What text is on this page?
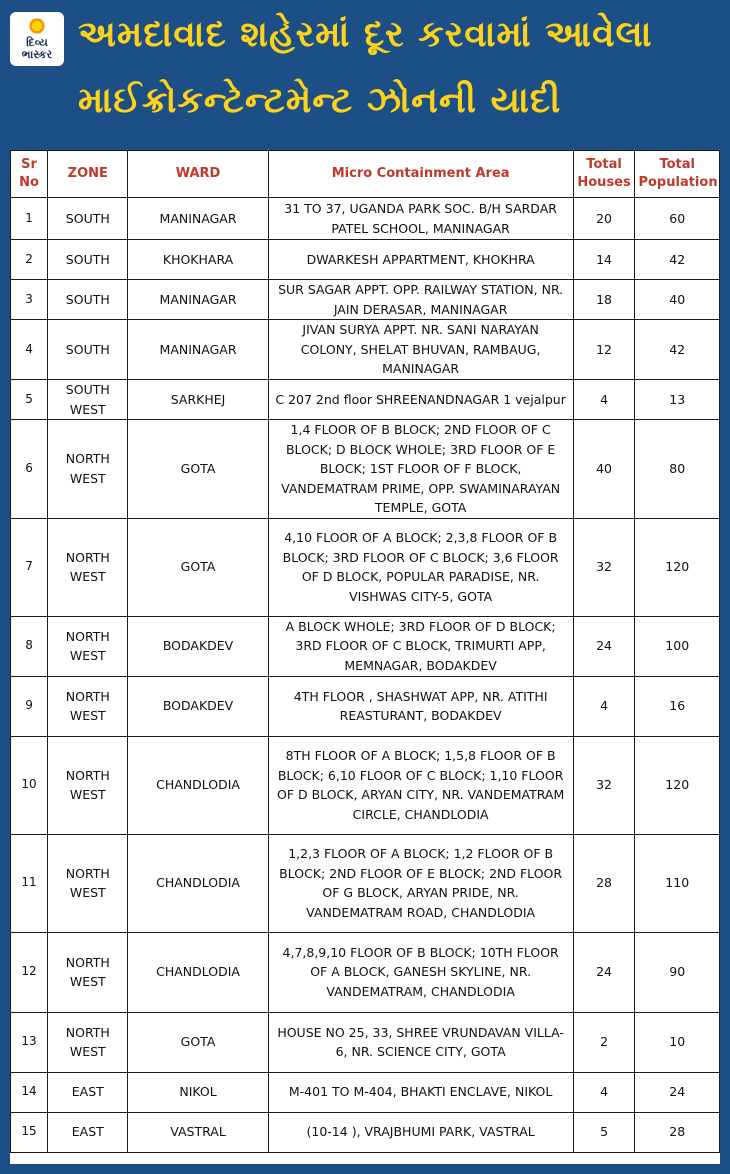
દિવ્ય
ભાસ્કર અમદાવાદ શહેરમાં દૂર કરવામાં આવેલા
માઈક્રોકન્ટેન્ટમેન્ટ ઝોનની યાદી
Sr No	ZONE	WARD	Micro Containment Area	Total Houses	Total Population
1	SOUTH	MANINAGAR	31 TO 37, UGANDA PARK SOC. B/H SARDAR PATEL SCHOOL, MANINAGAR	20	60
2	SOUTH	KHOKHARA	DWARKESH APPARTMENT, KHOKHRA	14	42
3	SOUTH	MANINAGAR	SUR SAGAR APPT. OPP. RAILWAY STATION, NR. JAIN DERASAR, MANINAGAR	18	40
4	SOUTH	MANINAGAR	JIVAN SURYA APPT. NR. SANI NARAYAN COLONY, SHELAT BHUVAN, RAMBAUG, MANINAGAR	12	42
5	SOUTH WEST	SARKHEJ	C 207 2nd floor SHREENANDNAGAR 1 vejalpur	4	13
6	NORTH WEST	GOTA	1,4 FLOOR OF B BLOCK; 2ND FLOOR OF C BLOCK; D BLOCK WHOLE; 3RD FLOOR OF E BLOCK; 1ST FLOOR OF F BLOCK, VANDEMATRAM PRIME, OPP. SWAMINARAYAN TEMPLE, GOTA	40	80
7	NORTH WEST	GOTA	4,10 FLOOR OF A BLOCK; 2,3,8 FLOOR OF B BLOCK; 3RD FLOOR OF C BLOCK; 3,6 FLOOR OF D BLOCK, POPULAR PARADISE, NR. VISHWAS CITY-5, GOTA	32	120
8	NORTH WEST	BODAKDEV	A BLOCK WHOLE; 3RD FLOOR OF D BLOCK; 3RD FLOOR OF C BLOCK, TRIMURTI APP, MEMNAGAR, BODAKDEV	24	100
9	NORTH WEST	BODAKDEV	4TH FLOOR , SHASHWAT APP, NR. ATITHI REASTURANT, BODAKDEV	4	16
10	NORTH WEST	CHANDLODIA	8TH FLOOR OF A BLOCK; 1,5,8 FLOOR OF B BLOCK; 6,10 FLOOR OF C BLOCK; 1,10 FLOOR OF D BLOCK, ARYAN CITY, NR. VANDEMATRAM CIRCLE, CHANDLODIA	32	120
11	NORTH WEST	CHANDLODIA	1,2,3 FLOOR OF A BLOCK; 1,2 FLOOR OF B BLOCK; 2ND FLOOR OF E BLOCK; 2ND FLOOR OF G BLOCK, ARYAN PRIDE, NR. VANDEMATRAM ROAD, CHANDLODIA	28	110
12	NORTH WEST	CHANDLODIA	4,7,8,9,10 FLOOR OF B BLOCK; 10TH FLOOR OF A BLOCK, GANESH SKYLINE, NR. VANDEMATRAM, CHANDLODIA	24	90
13	NORTH WEST	GOTA	HOUSE NO 25, 33, SHREE VRUNDAVAN VILLA-6, NR. SCIENCE CITY, GOTA	2	10
14	EAST	NIKOL	M-401 TO M-404, BHAKTI ENCLAVE, NIKOL	4	24
15	EAST	VASTRAL	(10-14 ), VRAJBHUMI PARK, VASTRAL	5	28
